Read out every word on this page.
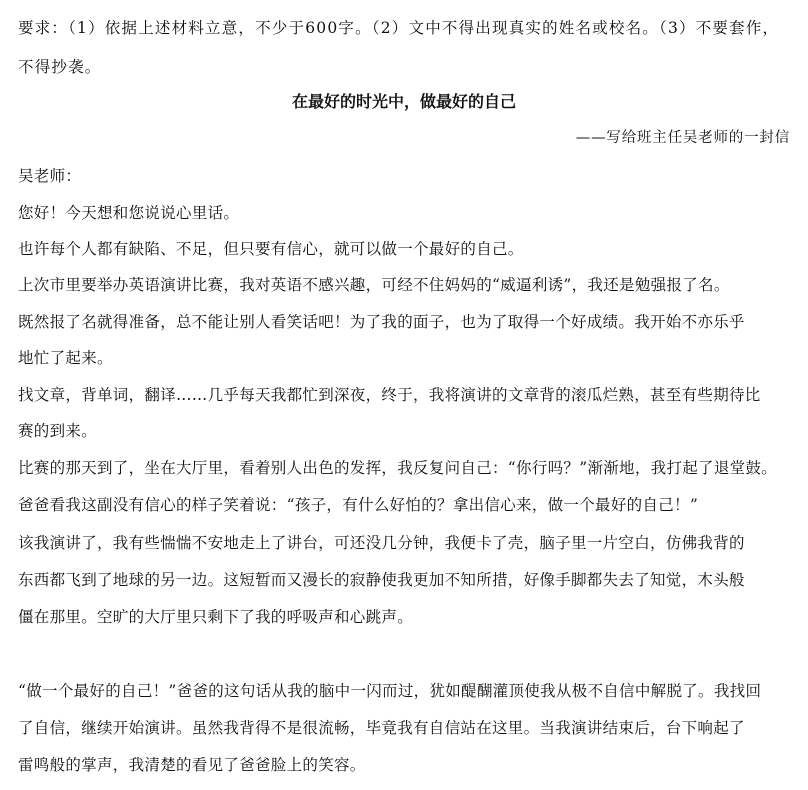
要求：（1）依据上述材料立意，不少于600字。（2）文中不得出现真实的姓名或校名。（3）不要套作，
不得抄袭。
在最好的时光中，做最好的自己
——写给班主任吴老师的一封信
吴老师：
您好！今天想和您说说心里话。
也许每个人都有缺陷、不足，但只要有信心，就可以做一个最好的自己。
上次市里要举办英语演讲比赛，我对英语不感兴趣，可经不住妈妈的“威逼利诱”，我还是勉强报了名。
既然报了名就得准备，总不能让别人看笑话吧！为了我的面子，也为了取得一个好成绩。我开始不亦乐乎
地忙了起来。
找文章，背单词，翻译……几乎每天我都忙到深夜，终于，我将演讲的文章背的滚瓜烂熟，甚至有些期待比
赛的到来。
比赛的那天到了，坐在大厅里，看着别人出色的发挥，我反复问自己：“你行吗？”渐渐地，我打起了退堂鼓。
爸爸看我这副没有信心的样子笑着说：“孩子，有什么好怕的？拿出信心来，做一个最好的自己！”
该我演讲了，我有些惴惴不安地走上了讲台，可还没几分钟，我便卡了壳，脑子里一片空白，仿佛我背的
东西都飞到了地球的另一边。这短暂而又漫长的寂静使我更加不知所措，好像手脚都失去了知觉，木头般
僵在那里。空旷的大厅里只剩下了我的呼吸声和心跳声。
“做一个最好的自己！”爸爸的这句话从我的脑中一闪而过，犹如醍醐灌顶使我从极不自信中解脱了。我找回
了自信，继续开始演讲。虽然我背得不是很流畅，毕竟我有自信站在这里。当我演讲结束后，台下响起了
雷鸣般的掌声，我清楚的看见了爸爸脸上的笑容。
